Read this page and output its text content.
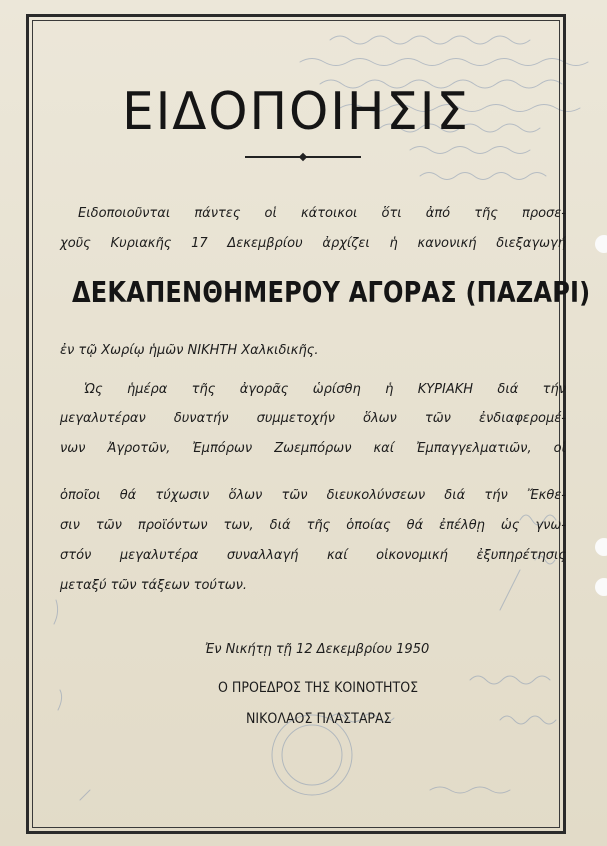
ΕΙΔΟΠΟΙΗΣΙΣ
Ειδοποιοῦνται πάντες οἱ κάτοικοι ὅτι ἀπό τῆς προσε-
χοῦς Κυριακῆς 17 Δεκεμβρίου ἀρχίζει ἡ κανονική διεξαγωγή
ΔΕΚΑΠΕΝΘΗΜΕΡΟΥ ΑΓΟΡΑΣ (ΠΑΖΑΡΙ)
ἐν τῷ Χωρίῳ ἡμῶν ΝΙΚΗΤΗ Χαλκιδικῆς.
Ὡς ἡμέρα τῆς ἀγορᾶς ὡρίσθη ἡ ΚΥΡΙΑΚΗ διά τήν
μεγαλυτέραν δυνατήν συμμετοχήν ὅλων τῶν ἐνδιαφερομέ-
νων Ἀγροτῶν, Ἐμπόρων Ζωεμπόρων καί Ἐμπαγγελματιῶν, οἱ
ὁποῖοι θά τύχωσιν ὅλων τῶν διευκολύνσεων διά τήν Ἔκθε-
σιν τῶν προϊόντων των, διά τῆς ὁποίας θά ἐπέλθῃ ὡς γνω-
στόν μεγαλυτέρα συναλλαγή καί οἰκονομική ἐξυπηρέτησις
μεταξύ τῶν τάξεων τούτων.
Ἐν Νικήτῃ τῇ 12 Δεκεμβρίου 1950
Ο ΠΡΟΕΔΡΟΣ ΤΗΣ ΚΟΙΝΟΤΗΤΟΣ
ΝΙΚΟΛΑΟΣ ΠΛΑΣΤΑΡΑΣ
